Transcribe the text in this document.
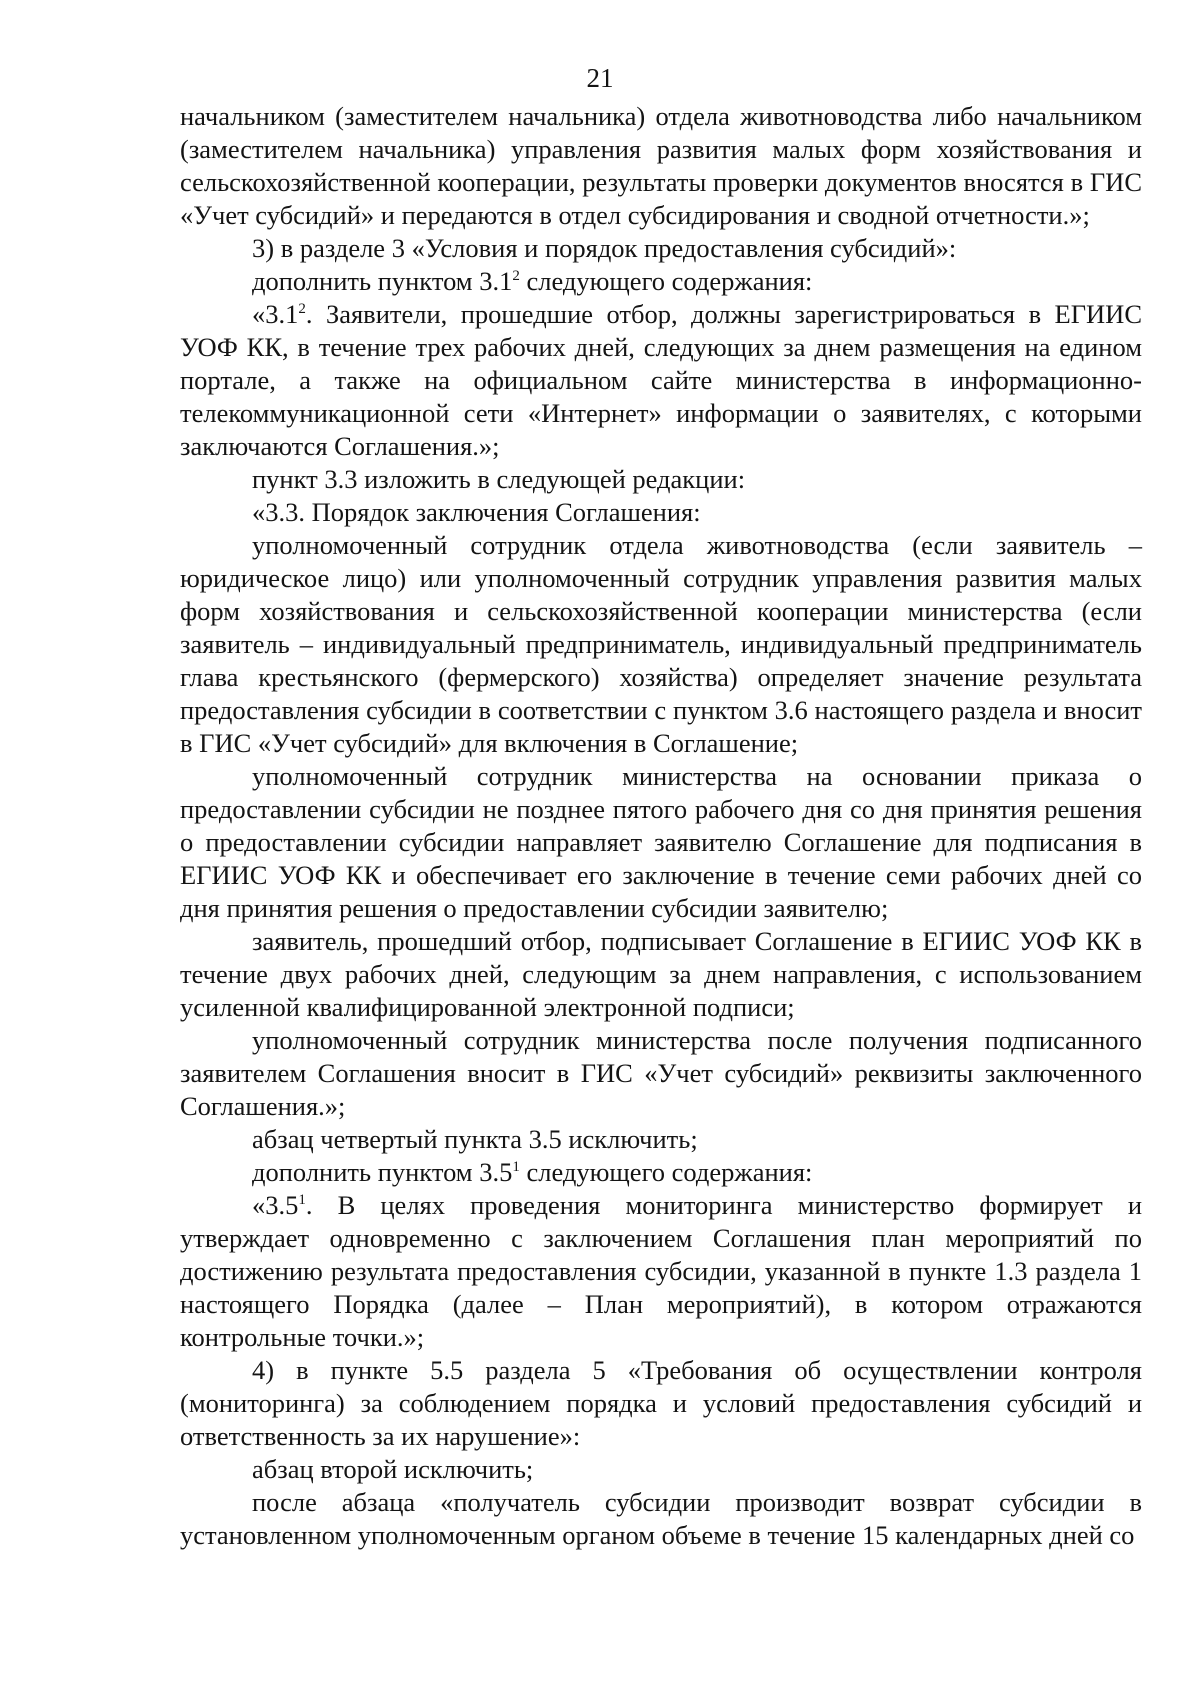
21

начальником (заместителем начальника) отдела животноводства либо начальником (заместителем начальника) управления развития малых форм хозяйствования и сельскохозяйственной кооперации, результаты проверки документов вносятся в ГИС «Учет субсидий» и передаются в отдел субсидирования и сводной отчетности.»;

3) в разделе 3 «Условия и порядок предоставления субсидий»:

дополнить пунктом $3.1^2$ следующего содержания:

«$3.1^2$. Заявители, прошедшие отбор, должны зарегистрироваться в ЕГИИС УОФ КК, в течение трех рабочих дней, следующих за днем размещения на едином портале, а также на официальном сайте министерства в информационно-телекоммуникационной сети «Интернет» информации о заявителях, с которыми заключаются Соглашения.»;

пункт 3.3 изложить в следующей редакции:

«3.3. Порядок заключения Соглашения:

уполномоченный сотрудник отдела животноводства (если заявитель – юридическое лицо) или уполномоченный сотрудник управления развития малых форм хозяйствования и сельскохозяйственной кооперации министерства (если заявитель – индивидуальный предприниматель, индивидуальный предприниматель глава крестьянского (фермерского) хозяйства) определяет значение результата предоставления субсидии в соответствии с пунктом 3.6 настоящего раздела и вносит в ГИС «Учет субсидий» для включения в Соглашение;

уполномоченный сотрудник министерства на основании приказа о предоставлении субсидии не позднее пятого рабочего дня со дня принятия решения о предоставлении субсидии направляет заявителю Соглашение для подписания в ЕГИИС УОФ КК и обеспечивает его заключение в течение семи рабочих дней со дня принятия решения о предоставлении субсидии заявителю;

заявитель, прошедший отбор, подписывает Соглашение в ЕГИИС УОФ КК в течение двух рабочих дней, следующим за днем направления, с использованием усиленной квалифицированной электронной подписи;

уполномоченный сотрудник министерства после получения подписанного заявителем Соглашения вносит в ГИС «Учет субсидий» реквизиты заключенного Соглашения.»;

абзац четвертый пункта 3.5 исключить;

дополнить пунктом $3.5^1$ следующего содержания:

«$3.5^1$. В целях проведения мониторинга министерство формирует и утверждает одновременно с заключением Соглашения план мероприятий по достижению результата предоставления субсидии, указанной в пункте 1.3 раздела 1 настоящего Порядка (далее – План мероприятий), в котором отражаются контрольные точки.»;

4) в пункте 5.5 раздела 5 «Требования об осуществлении контроля (мониторинга) за соблюдением порядка и условий предоставления субсидий и ответственность за их нарушение»:

абзац второй исключить;

после абзаца «получатель субсидии производит возврат субсидии в установленном уполномоченным органом объеме в течение 15 календарных дней со
